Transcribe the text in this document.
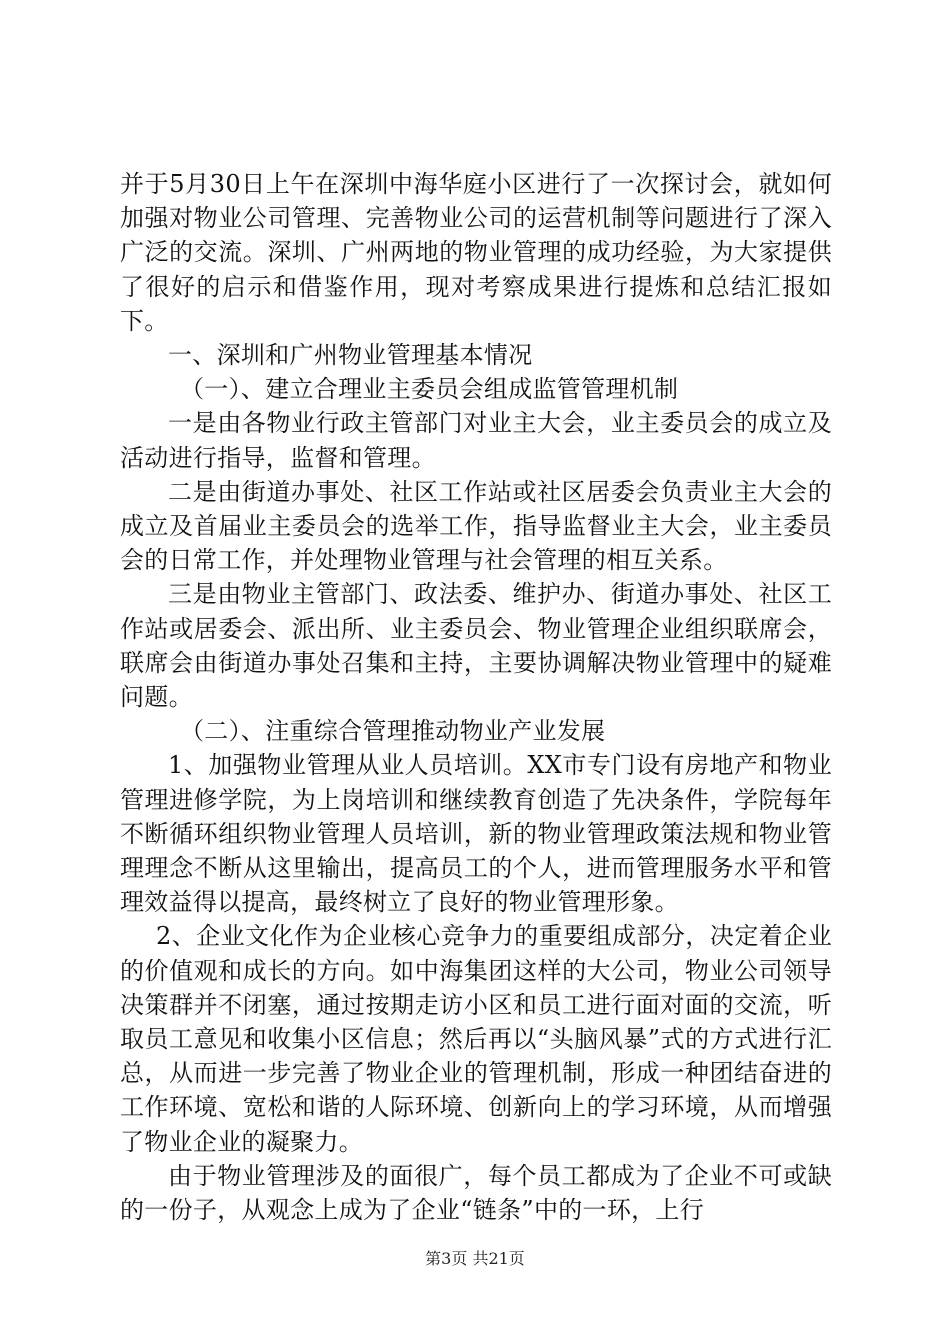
并于5月30日上午在深圳中海华庭小区进行了一次探讨会，就如何加强对物业公司管理、完善物业公司的运营机制等问题进行了深入广泛的交流。深圳、广州两地的物业管理的成功经验，为大家提供了很好的启示和借鉴作用，现对考察成果进行提炼和总结汇报如下。

一、深圳和广州物业管理基本情况

（一）、建立合理业主委员会组成监管管理机制

一是由各物业行政主管部门对业主大会，业主委员会的成立及活动进行指导，监督和管理。

二是由街道办事处、社区工作站或社区居委会负责业主大会的成立及首届业主委员会的选举工作，指导监督业主大会，业主委员会的日常工作，并处理物业管理与社会管理的相互关系。

三是由物业主管部门、政法委、维护办、街道办事处、社区工作站或居委会、派出所、业主委员会、物业管理企业组织联席会，联席会由街道办事处召集和主持，主要协调解决物业管理中的疑难问题。

（二）、注重综合管理推动物业产业发展

1、加强物业管理从业人员培训。XX市专门设有房地产和物业管理进修学院，为上岗培训和继续教育创造了先决条件，学院每年不断循环组织物业管理人员培训，新的物业管理政策法规和物业管理理念不断从这里输出，提高员工的个人，进而管理服务水平和管理效益得以提高，最终树立了良好的物业管理形象。

2、企业文化作为企业核心竞争力的重要组成部分，决定着企业的价值观和成长的方向。如中海集团这样的大公司，物业公司领导决策群并不闭塞，通过按期走访小区和员工进行面对面的交流，听取员工意见和收集小区信息；然后再以“头脑风暴”式的方式进行汇总，从而进一步完善了物业企业的管理机制，形成一种团结奋进的工作环境、宽松和谐的人际环境、创新向上的学习环境，从而增强了物业企业的凝聚力。

由于物业管理涉及的面很广，每个员工都成为了企业不可或缺的一份子，从观念上成为了企业“链条”中的一环，上行

第3页 共21页
